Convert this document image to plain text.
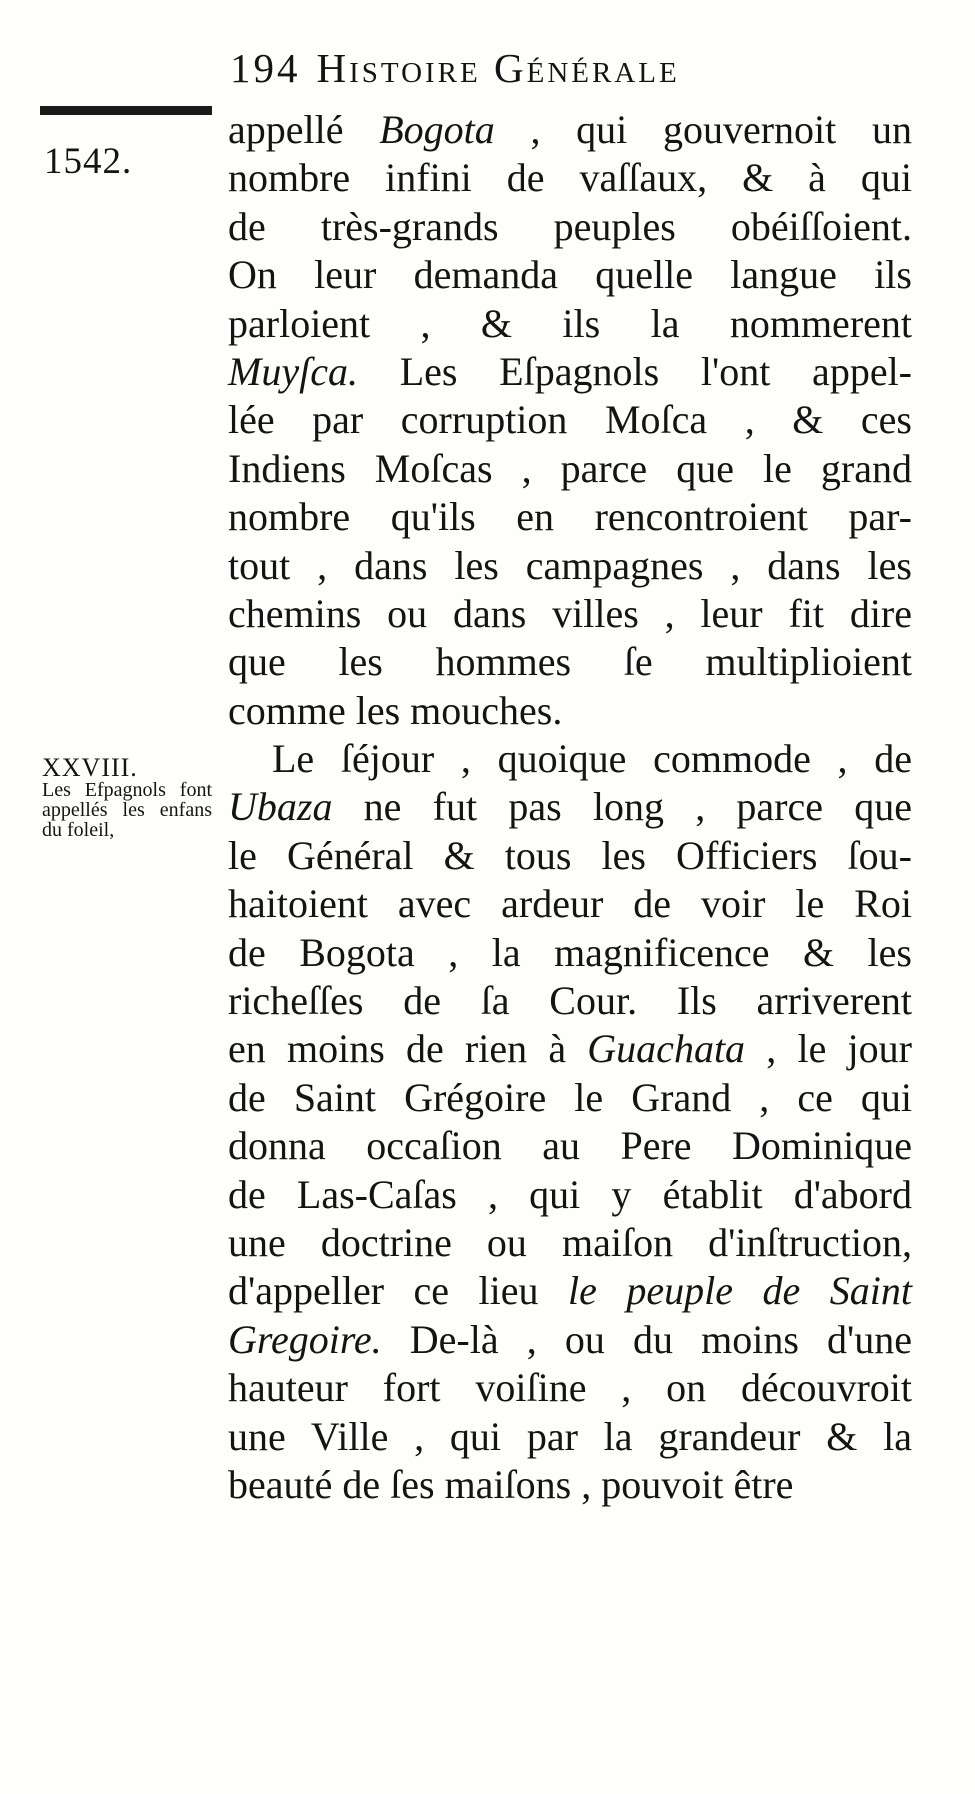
194 Histoire Générale
1542.
XXVIII.
Les Efpagnols font appellés les enfans du foleil,
appellé Bogota , qui gouvernoit un
nombre infini de vaſſaux, & à qui
de très-grands peuples obéiſſoient.
On leur demanda quelle langue ils
parloient , & ils la nommerent
Muyſca. Les Eſpagnols l'ont appel-
lée par corruption Moſca , & ces
Indiens Moſcas , parce que le grand
nombre qu'ils en rencontroient par-
tout , dans les campagnes , dans les
chemins ou dans villes , leur fit dire
que les hommes ſe multiplioient
comme les mouches.
Le ſéjour , quoique commode , de
Ubaza ne fut pas long , parce que
le Général & tous les Officiers ſou-
haitoient avec ardeur de voir le Roi
de Bogota , la magnificence & les
richeſſes de ſa Cour. Ils arriverent
en moins de rien à Guachata , le jour
de Saint Grégoire le Grand , ce qui
donna occaſion au Pere Dominique
de Las-Caſas , qui y établit d'abord
une doctrine ou maiſon d'inſtruction,
d'appeller ce lieu le peuple de Saint
Gregoire. De-là , ou du moins d'une
hauteur fort voiſine , on découvroit
une Ville , qui par la grandeur & la
beauté de ſes maiſons , pouvoit être
